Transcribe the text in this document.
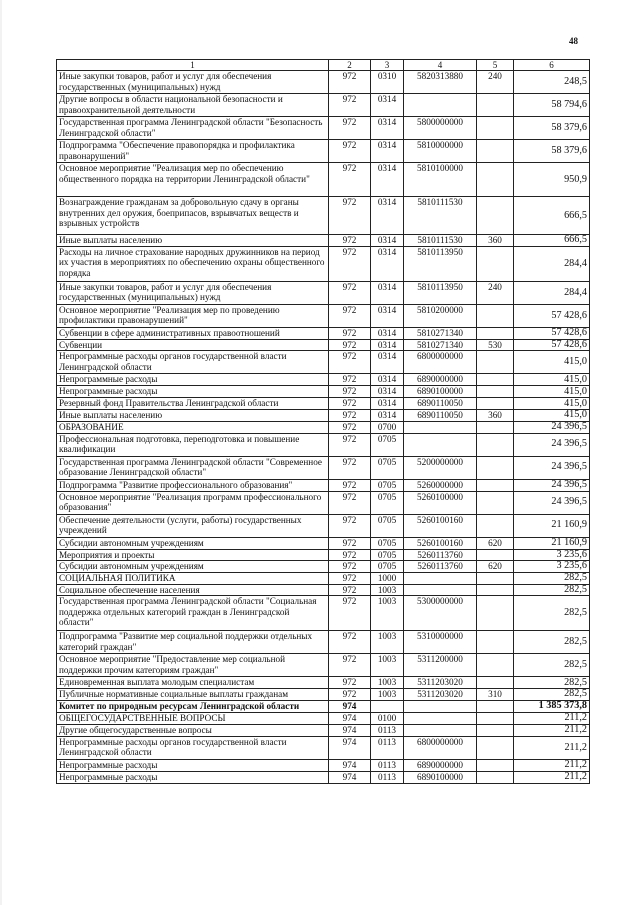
48
1	2	3	4	5	6
Иные закупки товаров, работ и услуг для обеспечения государственных (муниципальных) нужд	972	0310	5820313880	240	248,5
Другие вопросы в области национальной безопасности и правоохранительной деятельности	972	0314			58 794,6
Государственная программа Ленинградской области "Безопасность Ленинградской области"	972	0314	5800000000		58 379,6
Подпрограмма "Обеспечение правопорядка и профилактика правонарушений"	972	0314	5810000000		58 379,6
Основное мероприятие "Реализация мер по обеспечению общественного порядка на территории Ленинградской области"	972	0314	5810100000		950,9
Вознаграждение гражданам за добровольную сдачу в органы внутренних дел оружия, боеприпасов, взрывчатых веществ и взрывных устройств	972	0314	5810111530		666,5
Иные выплаты населению	972	0314	5810111530	360	666,5
Расходы на личное страхование народных дружинников на период их участия в мероприятиях по обеспечению охраны общественного порядка	972	0314	5810113950		284,4
Иные закупки товаров, работ и услуг для обеспечения государственных (муниципальных) нужд	972	0314	5810113950	240	284,4
Основное мероприятие "Реализация мер по проведению профилактики правонарушений"	972	0314	5810200000		57 428,6
Субвенции в сфере административных правоотношений	972	0314	5810271340		57 428,6
Субвенции	972	0314	5810271340	530	57 428,6
Непрограммные расходы органов государственной власти Ленинградской области	972	0314	6800000000		415,0
Непрограммные расходы	972	0314	6890000000		415,0
Непрограммные расходы	972	0314	6890100000		415,0
Резервный фонд Правительства Ленинградской области	972	0314	6890110050		415,0
Иные выплаты населению	972	0314	6890110050	360	415,0
ОБРАЗОВАНИЕ	972	0700			24 396,5
Профессиональная подготовка, переподготовка и повышение квалификации	972	0705			24 396,5
Государственная программа Ленинградской области "Современное образование Ленинградской области"	972	0705	5200000000		24 396,5
Подпрограмма "Развитие профессионального образования"	972	0705	5260000000		24 396,5
Основное мероприятие "Реализация программ профессионального образования"	972	0705	5260100000		24 396,5
Обеспечение деятельности (услуги, работы) государственных учреждений	972	0705	5260100160		21 160,9
Субсидии автономным учреждениям	972	0705	5260100160	620	21 160,9
Мероприятия и проекты	972	0705	5260113760		3 235,6
Субсидии автономным учреждениям	972	0705	5260113760	620	3 235,6
СОЦИАЛЬНАЯ ПОЛИТИКА	972	1000			282,5
Социальное обеспечение населения	972	1003			282,5
Государственная программа Ленинградской области "Социальная поддержка отдельных категорий граждан в Ленинградской области"	972	1003	5300000000		282,5
Подпрограмма "Развитие мер социальной поддержки отдельных категорий граждан"	972	1003	5310000000		282,5
Основное мероприятие "Предоставление мер социальной поддержки прочим категориям граждан"	972	1003	5311200000		282,5
Единовременная выплата молодым специалистам	972	1003	5311203020		282,5
Публичные нормативные социальные выплаты гражданам	972	1003	5311203020	310	282,5
Комитет по природным ресурсам Ленинградской области	974				1 385 373,8
ОБЩЕГОСУДАРСТВЕННЫЕ ВОПРОСЫ	974	0100			211,2
Другие общегосударственные вопросы	974	0113			211,2
Непрограммные расходы органов государственной власти Ленинградской области	974	0113	6800000000		211,2
Непрограммные расходы	974	0113	6890000000		211,2
Непрограммные расходы	974	0113	6890100000		211,2
